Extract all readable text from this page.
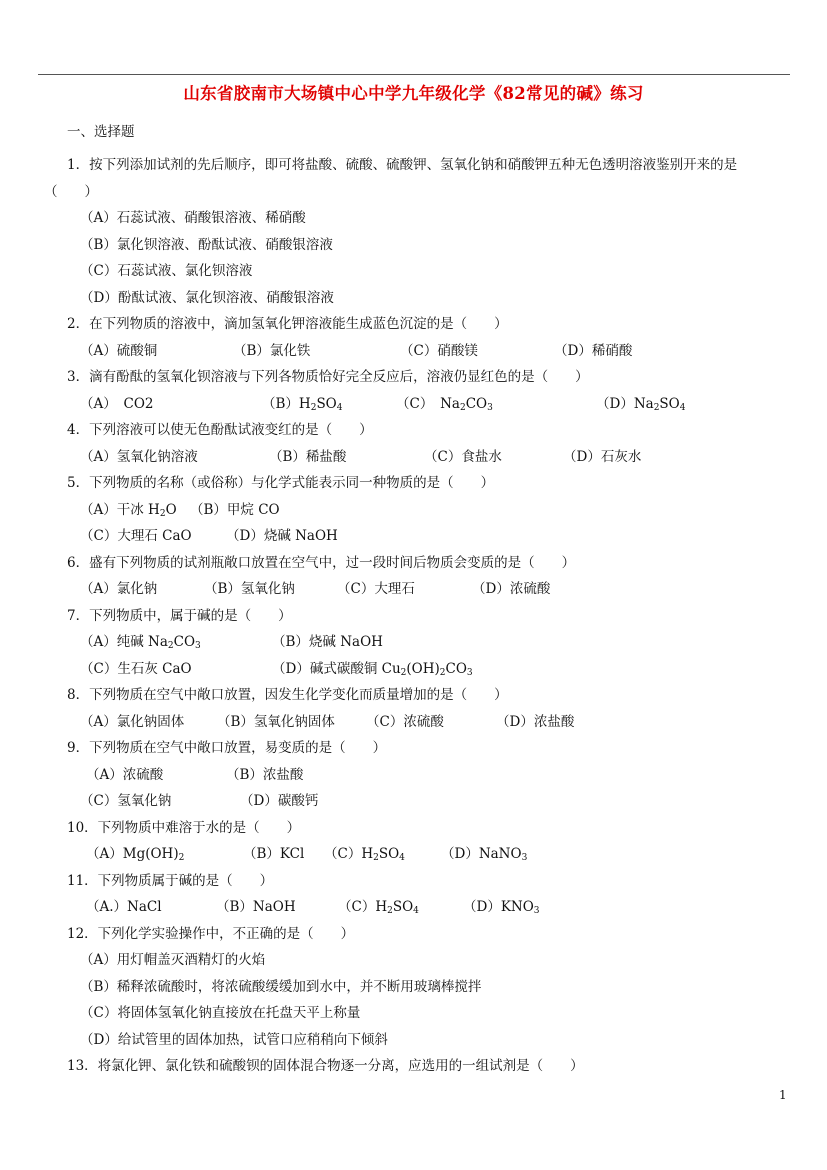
山东省胶南市大场镇中心中学九年级化学《82常见的碱》练习
一、选择题
1．按下列添加试剂的先后顺序，即可将盐酸、硫酸、硫酸钾、氢氧化钠和硝酸钾五种无色透明溶液鉴别开来的是
（　　）
（A）石蕊试液、硝酸银溶液、稀硝酸
（B）氯化钡溶液、酚酞试液、硝酸银溶液
（C）石蕊试液、氯化钡溶液
（D）酚酞试液、氯化钡溶液、硝酸银溶液
2．在下列物质的溶液中，滴加氢氧化钾溶液能生成蓝色沉淀的是（　　）
（A）硫酸铜	（B）氯化铁	（C）硝酸镁	（D）稀硝酸
3．滴有酚酞的氢氧化钡溶液与下列各物质恰好完全反应后，溶液仍显红色的是（　　）
（A）　CO2	$(B)H_2SO_4$	（C）　$Na_2CO_3$	$(D)Na_2SO_4$
4．下列溶液可以使无色酚酞试液变红的是（　　）
（A）氢氧化钠溶液	（B）稀盐酸	（C）食盐水	（D）石灰水
5．下列物质的名称（或俗称）与化学式能表示同一种物质的是（　　）
（A）干冰 $H_2O$ （B）甲烷 CO
（C）大理石 CaO	（D）烧碱 NaOH
6．盛有下列物质的试剂瓶敞口放置在空气中，过一段时间后物质会变质的是（　　）
（A）氯化钠	（B）氢氧化钠	（C）大理石	（D）浓硫酸
7．下列物质中，属于碱的是（　　）
（A）纯碱 $Na_2CO_3$	（B）烧碱 NaOH
（C）生石灰 CaO	（D）碱式碳酸铜 $Cu_2(OH)_2CO_3$
8．下列物质在空气中敞口放置，因发生化学变化而质量增加的是（　　）
（A）氯化钠固体 （B）氢氧化钠固体 （C）浓硫酸	（D）浓盐酸
9．下列物质在空气中敞口放置，易变质的是（　　）
（A）浓硫酸	（B）浓盐酸
（C）氢氧化钠	（D）碳酸钙
10．下列物质中难溶于水的是（　　）
$(A)Mg(OH)_2$	（B）KCl $(C)H_2SO_4$	（D）NaNO$_3$
11．下列物质属于碱的是（　　）
（A.）NaCl	（B）NaOH	$(C)H_2SO_4$	$(D)KNO_3$
12．下列化学实验操作中，不正确的是（　　）
（A）用灯帽盖灭酒精灯的火焰
（B）稀释浓硫酸时，将浓硫酸缓缓加到水中，并不断用玻璃棒搅拌
（C）将固体氢氧化钠直接放在托盘天平上称量
（D）给试管里的固体加热，试管口应稍稍向下倾斜
13．将氯化钾、氯化铁和硫酸钡的固体混合物逐一分离，应选用的一组试剂是（　　）
1
